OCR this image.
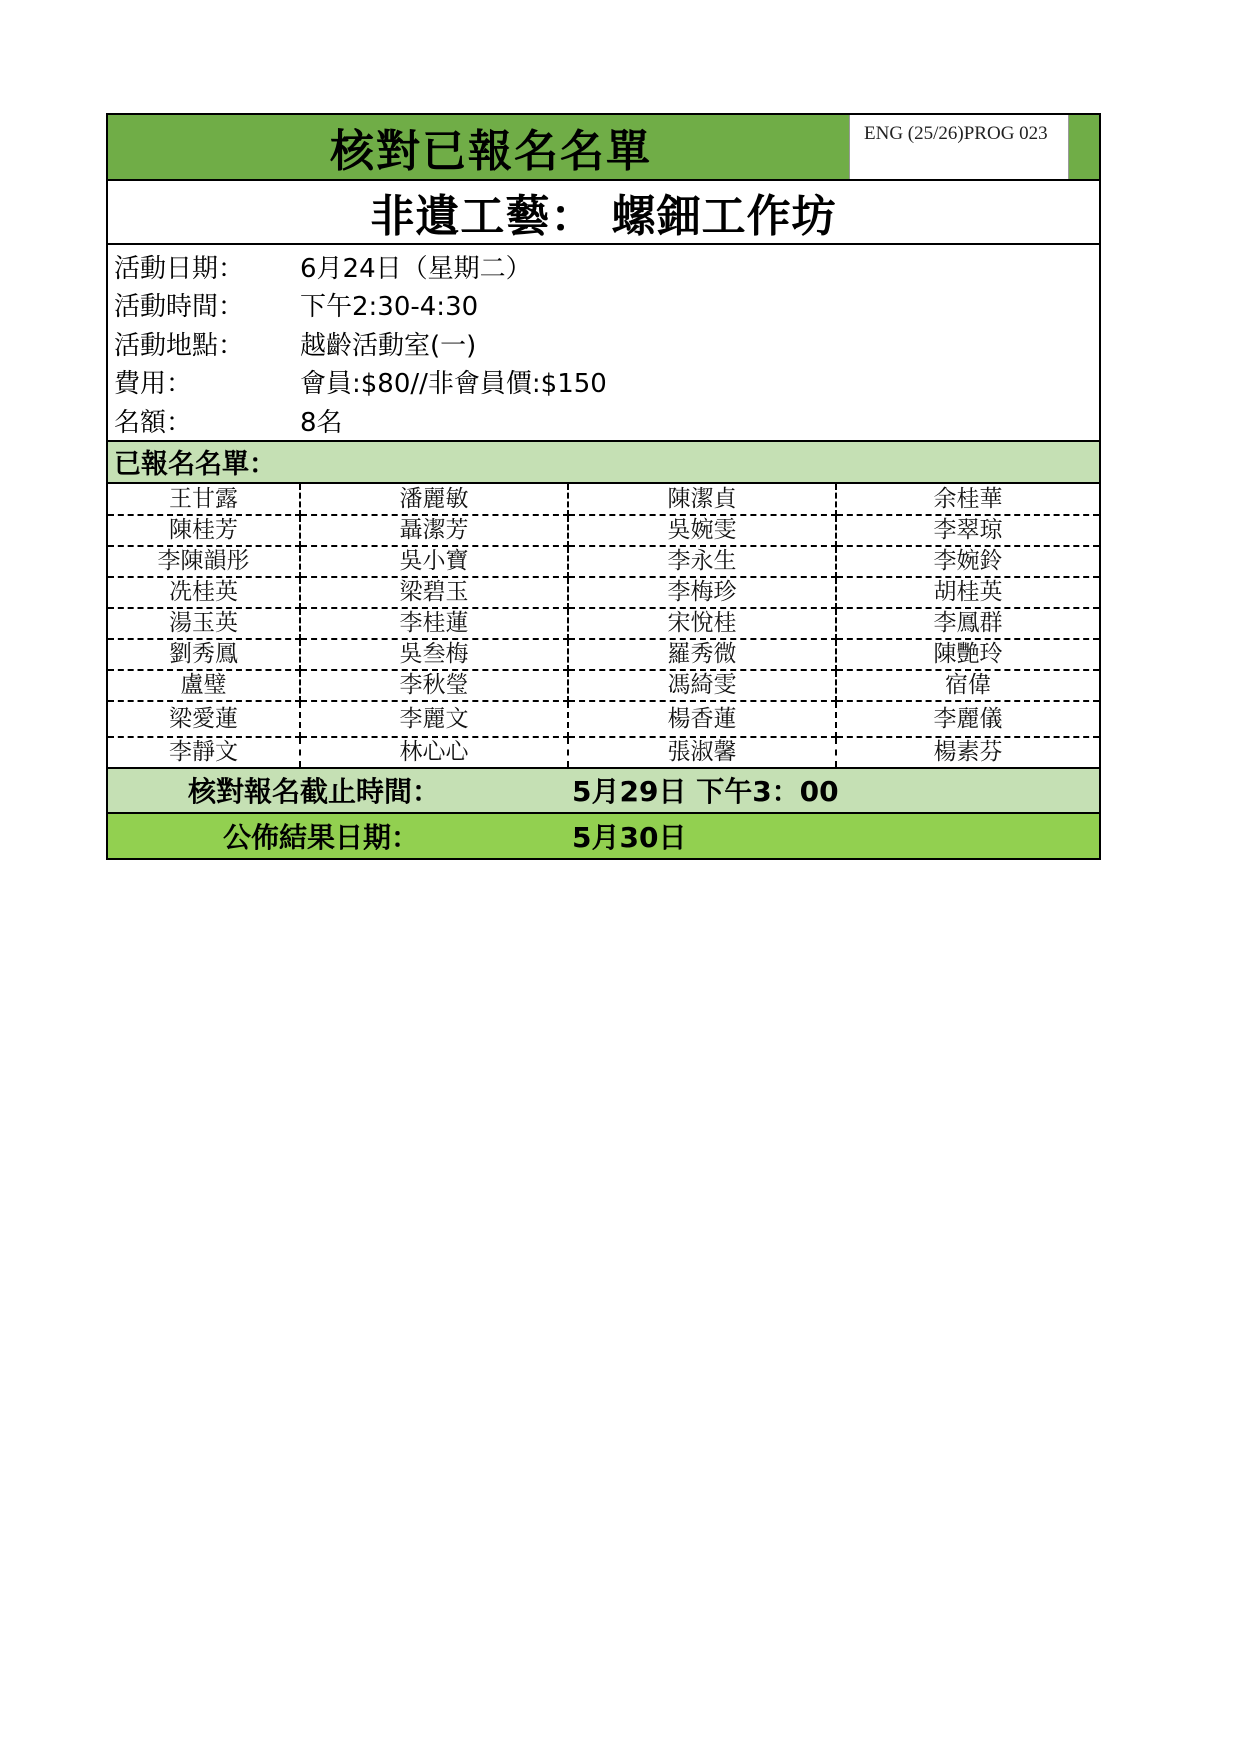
核對已報名名單	ENG (25/26)PROG 023
非遺工藝： 螺鈿工作坊
活動日期：	6月24日（星期二）
活動時間：	下午2:30-4:30
活動地點：	越齡活動室(一)
費用：	會員:$80//非會員價:$150
名額：	8名
已報名名單：
王甘露	潘麗敏	陳潔貞	余桂華
陳桂芳	聶潔芳	吳婉雯	李翠琼
李陳韻彤	吳小寶	李永生	李婉鈴
冼桂英	梁碧玉	李梅珍	胡桂英
湯玉英	李桂蓮	宋悅桂	李鳳群
劉秀鳳	吳叁梅	羅秀微	陳艷玲
盧璧	李秋瑩	馮綺雯	宿偉
梁愛蓮	李麗文	楊香蓮	李麗儀
李靜文	林心心	張淑馨	楊素芬
核對報名截止時間：	5月29日 下午3：00
公佈結果日期：	5月30日
